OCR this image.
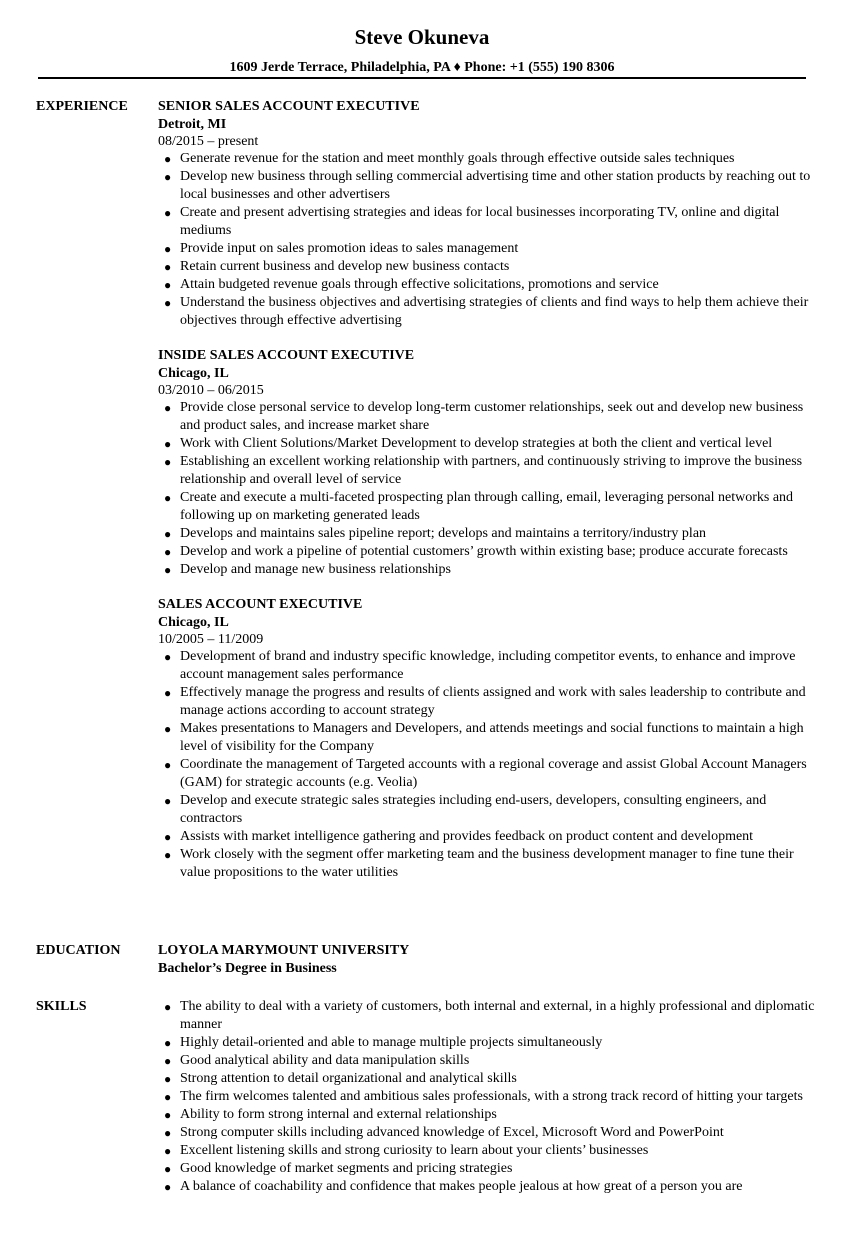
Steve Okuneva
1609 Jerde Terrace, Philadelphia, PA ♦ Phone: +1 (555) 190 8306
EXPERIENCE	SENIOR SALES ACCOUNT EXECUTIVE
Detroit, MI
08/2015 – present
● Generate revenue for the station and meet monthly goals through effective outside sales techniques
● Develop new business through selling commercial advertising time and other station products by reaching out to local businesses and other advertisers
● Create and present advertising strategies and ideas for local businesses incorporating TV, online and digital mediums
● Provide input on sales promotion ideas to sales management
● Retain current business and develop new business contacts
● Attain budgeted revenue goals through effective solicitations, promotions and service
● Understand the business objectives and advertising strategies of clients and find ways to help them achieve their objectives through effective advertising
INSIDE SALES ACCOUNT EXECUTIVE
Chicago, IL
03/2010 – 06/2015
● Provide close personal service to develop long-term customer relationships, seek out and develop new business and product sales, and increase market share
● Work with Client Solutions/Market Development to develop strategies at both the client and vertical level
● Establishing an excellent working relationship with partners, and continuously striving to improve the business relationship and overall level of service
● Create and execute a multi-faceted prospecting plan through calling, email, leveraging personal networks and following up on marketing generated leads
● Develops and maintains sales pipeline report; develops and maintains a territory/industry plan
● Develop and work a pipeline of potential customers’ growth within existing base; produce accurate forecasts
● Develop and manage new business relationships
SALES ACCOUNT EXECUTIVE
Chicago, IL
10/2005 – 11/2009
● Development of brand and industry specific knowledge, including competitor events, to enhance and improve account management sales performance
● Effectively manage the progress and results of clients assigned and work with sales leadership to contribute and manage actions according to account strategy
● Makes presentations to Managers and Developers, and attends meetings and social functions to maintain a high level of visibility for the Company
● Coordinate the management of Targeted accounts with a regional coverage and assist Global Account Managers (GAM) for strategic accounts (e.g. Veolia)
● Develop and execute strategic sales strategies including end-users, developers, consulting engineers, and contractors
● Assists with market intelligence gathering and provides feedback on product content and development
● Work closely with the segment offer marketing team and the business development manager to fine tune their value propositions to the water utilities
EDUCATION	LOYOLA MARYMOUNT UNIVERSITY
Bachelor’s Degree in Business
SKILLS	● The ability to deal with a variety of customers, both internal and external, in a highly professional and diplomatic manner
● Highly detail-oriented and able to manage multiple projects simultaneously
● Good analytical ability and data manipulation skills
● Strong attention to detail organizational and analytical skills
● The firm welcomes talented and ambitious sales professionals, with a strong track record of hitting your targets
● Ability to form strong internal and external relationships
● Strong computer skills including advanced knowledge of Excel, Microsoft Word and PowerPoint
● Excellent listening skills and strong curiosity to learn about your clients’ businesses
● Good knowledge of market segments and pricing strategies
● A balance of coachability and confidence that makes people jealous at how great of a person you are
